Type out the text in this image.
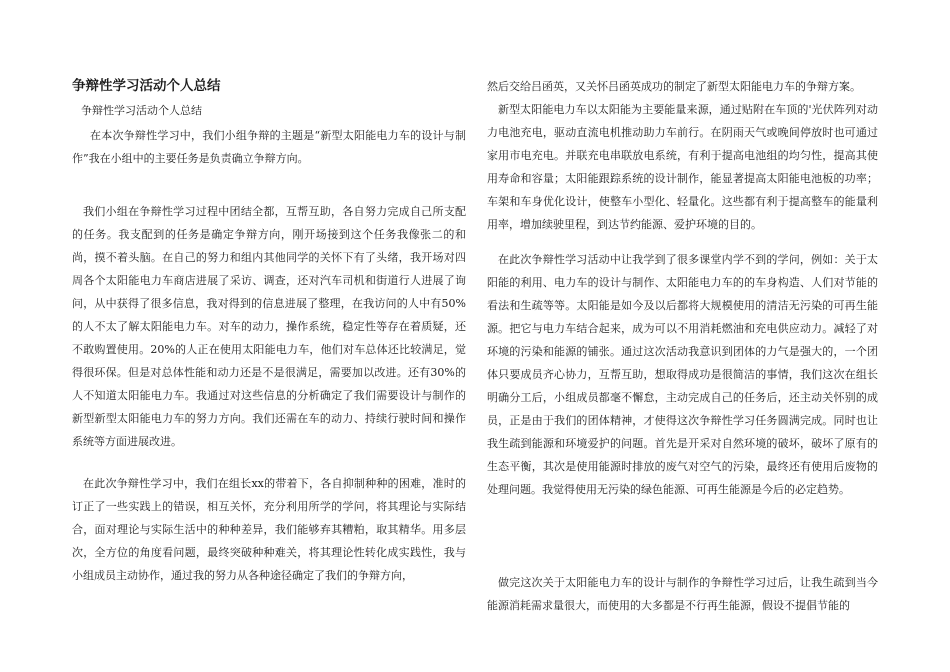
争辩性学习活动个人总结

争辩性学习活动个人总结

在本次争辩性学习中，我们小组争辩的主题是“新型太阳能电力车的设计与制作”我在小组中的主要任务是负责确立争辩方向。

我们小组在争辩性学习过程中团结全都，互帮互助，各自努力完成自己所支配的任务。我支配到的任务是确定争辩方向，刚开场接到这个任务我像张二的和尚，摸不着头脑。在自己的努力和组内其他同学的关怀下有了头绪，我开场对四周各个太阳能电力车商店进展了采访、调查，还对汽车司机和街道行人进展了询问，从中获得了很多信息，我对得到的信息进展了整理，在我访问的人中有50%的人不太了解太阳能电力车。对车的动力，操作系统，稳定性等存在着质疑，还不敢购置使用。20%的人正在使用太阳能电力车，他们对车总体还比较满足，觉得很环保。但是对总体性能和动力还是不是很满足，需要加以改进。还有30%的人不知道太阳能电力车。我通过对这些信息的分析确定了我们需要设计与制作的新型新型太阳能电力车的努力方向。我们还需在车的动力、持续行驶时间和操作系统等方面进展改进。

在此次争辩性学习中，我们在组长xx的带着下，各自抑制种种的困难，准时的订正了一些实践上的错误，相互关怀，充分利用所学的学问，将其理论与实际结合，面对理论与实际生活中的种种差异，我们能够弃其糟粕，取其精华。用多层次，全方位的角度看问题，最终突破种种难关，将其理论性转化成实践性，我与小组成员主动协作，通过我的努力从各种途径确定了我们的争辩方向，

然后交给吕函英，又关怀吕函英成功的制定了新型太阳能电力车的争辩方案。

新型太阳能电力车以太阳能为主要能量来源，通过贴附在车顶的'光伏阵列对动力电池充电，驱动直流电机推动助力车前行。在阴雨天气或晚间停放时也可通过家用市电充电。并联充电串联放电系统，有利于提高电池组的均匀性，提高其使用寿命和容量；太阳能跟踪系统的设计制作，能显著提高太阳能电池板的功率；车架和车身优化设计，使整车小型化、轻量化。这些都有利于提高整车的能量利用率，增加续驶里程，到达节约能源、爱护环境的目的。

在此次争辩性学习活动中让我学到了很多课堂内学不到的学问，例如：关于太阳能的利用、电力车的设计与制作、太阳能电力车的的车身构造、人们对节能的看法和生疏等等。太阳能是如今及以后都将大规模使用的清洁无污染的可再生能源。把它与电力车结合起来，成为可以不用消耗燃油和充电供应动力。减轻了对环境的污染和能源的铺张。通过这次活动我意识到团体的力气是强大的，一个团体只要成员齐心协力，互帮互助，想取得成功是很简洁的事情，我们这次在组长明确分工后，小组成员都毫不懈怠，主动完成自己的任务后，还主动关怀别的成员，正是由于我们的团体精神，才使得这次争辩性学习任务圆满完成。同时也让我生疏到能源和环境爱护的问题。首先是开采对自然环境的破坏，破坏了原有的生态平衡，其次是使用能源时排放的废气对空气的污染，最终还有使用后废物的处理问题。我觉得使用无污染的绿色能源、可再生能源是今后的必定趋势。

做完这次关于太阳能电力车的设计与制作的争辩性学习过后，让我生疏到当今能源消耗需求量很大，而使用的大多都是不行再生能源，假设不提倡节能的
